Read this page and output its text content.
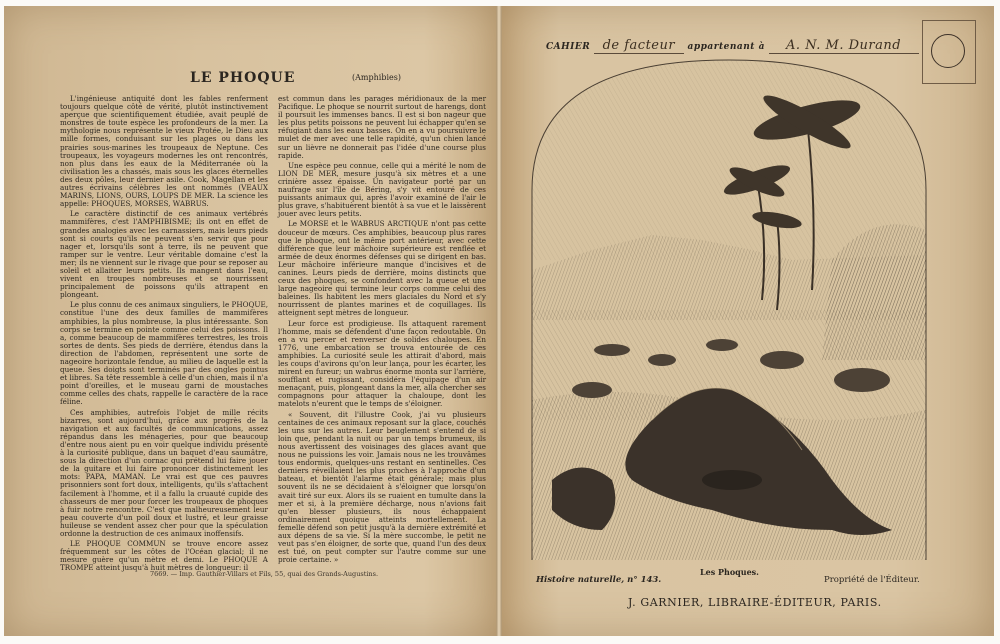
LE PHOQUE	(Amphibies)

L'ingénieuse antiquité dont les fables renferment toujours quelque côté de vérité, plutôt instinctivement aperçue que scientifiquement étudiée, avait peuplé de monstres de toute espèce les profondeurs de la mer. La mythologie nous représente le vieux Protée, le Dieu aux mille formes, conduisant sur les plages ou dans les prairies sous-marines les troupeaux de Neptune. Ces troupeaux, les voyageurs modernes les ont rencontrés, non plus dans les eaux de la Méditerranée où la civilisation les a chassés, mais sous les glaces éternelles des deux pôles, leur dernier asile. Cook, Magellan et les autres écrivains célèbres les ont nommés (VEAUX MARINS, LIONS, OURS, LOUPS DE MER. La science les appelle: PHOQUES, MORSES, WABRUS.

Le caractère distinctif de ces animaux vertébrés mammifères, c'est l'AMPHIBISME; ils ont en effet de grandes analogies avec les carnassiers, mais leurs pieds sont si courts qu'ils ne peuvent s'en servir que pour nager et, lorsqu'ils sont à terre, ils ne peuvent que ramper sur le ventre. Leur véritable domaine c'est la mer; ils ne viennent sur le rivage que pour se reposer au soleil et allaiter leurs petits. Ils mangent dans l'eau, vivent en troupes nombreuses et se nourrissent principalement de poissons qu'ils attrapent en plongeant.

Le plus connu de ces animaux singuliers, le PHOQUE, constitue l'une des deux familles de mammifères amphibies, la plus nombreuse, la plus intéressante. Son corps se termine en pointe comme celui des poissons. Il a, comme beaucoup de mammifères terrestres, les trois sortes de dents. Ses pieds de derrière, étendus dans la direction de l'abdomen, représentent une sorte de nageoire horizontale fendue, au milieu de laquelle est la queue. Ses doigts sont terminés par des ongles pointus et libres. Sa tête ressemble à celle d'un chien, mais il n'a point d'oreilles, et le museau garni de moustaches comme celles des chats, rappelle le caractère de la race féline.

Ces amphibies, autrefois l'objet de mille récits bizarres, sont aujourd'hui, grâce aux progrès de la navigation et aux facultés de communications, assez répandus dans les ménageries, pour que beaucoup d'entre nous aient pu en voir quelque individu présenté à la curiosité publique, dans un baquet d'eau saumâtre, sous la direction d'un cornac qui prétend lui faire jouer de la guitare et lui faire prononcer distinctement les mots: PAPA, MAMAN. Le vrai est que ces pauvres prisonniers sont fort doux, intelligents, qu'ils s'attachent facilement à l'homme, et il a fallu la cruauté cupide des chasseurs de mer pour forcer les troupeaux de phoques à fuir notre rencontre. C'est que malheureusement leur peau couverte d'un poil doux et lustré, et leur graisse huileuse se vendent assez cher pour que la spéculation ordonne la destruction de ces animaux inoffensifs.

LE PHOQUE COMMUN se trouve encore assez fréquemment sur les côtes de l'Océan glacial; il ne mesure guère qu'un mètre et demi. Le PHOQUE A TROMPE atteint jusqu'à huit mètres de longueur: il

est commun dans les parages méridionaux de la mer Pacifique. Le phoque se nourrit surtout de harengs, dont il poursuit les immenses bancs. Il est si bon nageur que les plus petits poissons ne peuvent lui échapper qu'en se réfugiant dans les eaux basses. On en a vu poursuivre le mulet de mer avec une telle rapidité, qu'un chien lancé sur un lièvre ne donnerait pas l'idée d'une course plus rapide.

Une espèce peu connue, celle qui a mérité le nom de LION DE MER, mesure jusqu'à six mètres et a une crinière assez épaisse. Un navigateur porté par un naufrage sur l'île de Béring, s'y vit entouré de ces puissants animaux qui, après l'avoir examiné de l'air le plus grave, s'habituèrent bientôt à sa vue et le laissèrent jouer avec leurs petits.

Le MORSE et le WABRUS ARCTIQUE n'ont pas cette douceur de mœurs. Ces amphibies, beaucoup plus rares que le phoque, ont le même port antérieur, avec cette différence que leur mâchoire supérieure est renflée et armée de deux énormes défenses qui se dirigent en bas. Leur mâchoire inférieure manque d'incisives et de canines. Leurs pieds de derrière, moins distincts que ceux des phoques, se confondent avec la queue et une large nageoire qui termine leur corps comme celui des baleines. Ils habitent les mers glaciales du Nord et s'y nourrissent de plantes marines et de coquillages. Ils atteignent sept mètres de longueur.

Leur force est prodigieuse. Ils attaquent rarement l'homme, mais se défendent d'une façon redoutable. On en a vu percer et renverser de solides chaloupes. En 1776, une embarcation se trouva entourée de ces amphibies. La curiosité seule les attirait d'abord, mais les coups d'avirons qu'on leur lança, pour les écarter, les mirent en fureur; un wabrus énorme monta sur l'arrière, soufflant et rugissant, considéra l'équipage d'un air menaçant, puis, plongeant dans la mer, alla chercher ses compagnons pour attaquer la chaloupe, dont les matelots n'eurent que le temps de s'éloigner.

« Souvent, dit l'illustre Cook, j'ai vu plusieurs centaines de ces animaux reposant sur la glace, couchés les uns sur les autres. Leur beuglement s'entend de si loin que, pendant la nuit ou par un temps brumeux, ils nous avertissent des voisinages des glaces avant que nous ne puissions les voir. Jamais nous ne les trouvâmes tous endormis, quelques-uns restant en sentinelles. Ces derniers réveillaient les plus proches à l'approche d'un bateau, et bientôt l'alarme était générale; mais plus souvent ils ne se décidaient à s'éloigner que lorsqu'on avait tiré sur eux. Alors ils se ruaient en tumulte dans la mer et si, à la première décharge, nous n'avions fait qu'en blesser plusieurs, ils nous échappaient ordinairement quoique atteints mortellement. La femelle défend son petit jusqu'à la dernière extrémité et aux dépens de sa vie. Si la mère succombe, le petit ne veut pas s'en éloigner, de sorte que, quand l'un des deux est tué, on peut compter sur l'autre comme sur une proie certaine. »

7669. — Imp. Gauthier-Villars et Fils, 55, quai des Grands-Augustins.
CAHIER de facteur appartenant à A. N. M. Durand
Les Phoques.
Histoire naturelle, n° 143.	Propriété de l'Éditeur.
J. GARNIER, LIBRAIRE-ÉDITEUR, PARIS.
